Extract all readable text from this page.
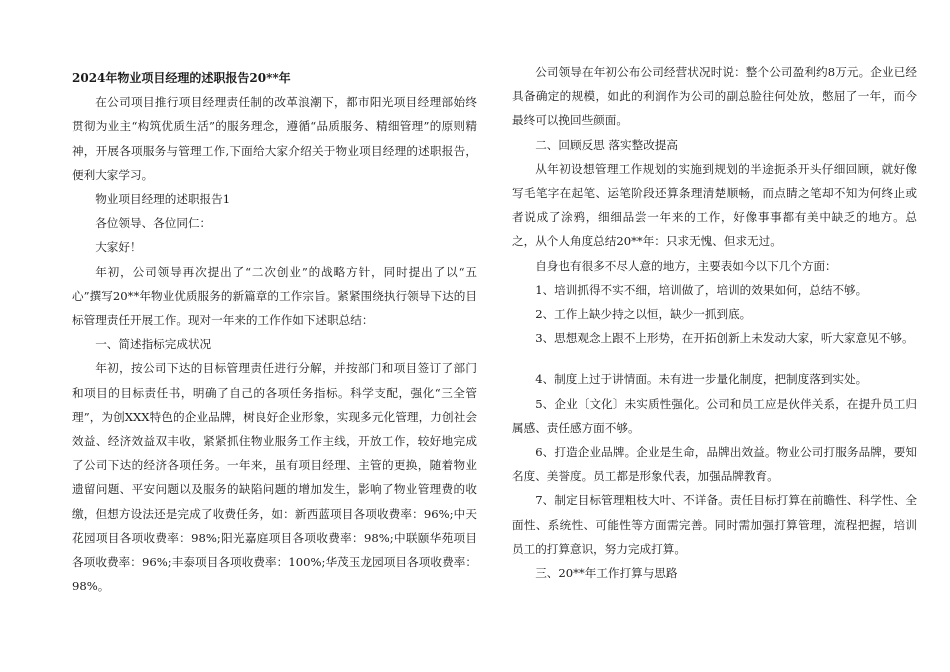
2024年物业项目经理的述职报告20**年

在公司项目推行项目经理责任制的改革浪潮下，都市阳光项目经理部始终贯彻为业主“构筑优质生活”的服务理念，遵循“品质服务、精细管理”的原则精神，开展各项服务与管理工作,下面给大家介绍关于物业项目经理的述职报告，便利大家学习。

物业项目经理的述职报告1

各位领导、各位同仁：

大家好！

年初，公司领导再次提出了“二次创业”的战略方针，同时提出了以“五心”撰写20**年物业优质服务的新篇章的工作宗旨。紧紧围绕执行领导下达的目标管理责任开展工作。现对一年来的工作作如下述职总结：

一、简述指标完成状况

年初，按公司下达的目标管理责任进行分解，并按部门和项目签订了部门和项目的目标责任书，明确了自己的各项任务指标。科学支配，强化“三全管理”，为创XXX特色的企业品牌，树良好企业形象，实现多元化管理，力创社会效益、经济效益双丰收，紧紧抓住物业服务工作主线，开放工作，较好地完成了公司下达的经济各项任务。一年来，虽有项目经理、主管的更换，随着物业遗留问题、平安问题以及服务的缺陷问题的增加发生，影响了物业管理费的收缴，但想方设法还是完成了收费任务，如：新西蓝项目各项收费率：96%;中天花园项目各项收费率：98%;阳光嘉庭项目各项收费率：98%;中联颐华苑项目各项收费率：96%;丰泰项目各项收费率：100%;华茂玉龙园项目各项收费率：98%。

公司领导在年初公布公司经营状况时说：整个公司盈利约8万元。企业已经具备确定的规模，如此的利润作为公司的副总脸往何处放，憋屈了一年，而今最终可以挽回些颜面。

二、回顾反思 落实整改提高

从年初设想管理工作规划的实施到规划的半途扼杀开头仔细回顾，就好像写毛笔字在起笔、运笔阶段还算条理清楚顺畅，而点睛之笔却不知为何终止或者说成了涂鸦，细细品尝一年来的工作，好像事事都有美中缺乏的地方。总之，从个人角度总结20**年：只求无愧、但求无过。

自身也有很多不尽人意的地方，主要表如今以下几个方面：

1、培训抓得不实不细，培训做了，培训的效果如何，总结不够。

2、工作上缺少持之以恒，缺少一抓到底。

3、思想观念上跟不上形势，在开拓创新上未发动大家，听大家意见不够。

4、制度上过于讲情面。未有进一步量化制度，把制度落到实处。

5、企业〔文化〕未实质性强化。公司和员工应是伙伴关系，在提升员工归属感、责任感方面不够。

6、打造企业品牌。企业是生命，品牌出效益。物业公司打服务品牌，要知名度、美誉度。员工都是形象代表，加强品牌教育。

7、制定目标管理粗枝大叶、不详备。责任目标打算在前瞻性、科学性、全面性、系统性、可能性等方面需完善。同时需加强打算管理，流程把握，培训员工的打算意识，努力完成打算。

三、20**年工作打算与思路
